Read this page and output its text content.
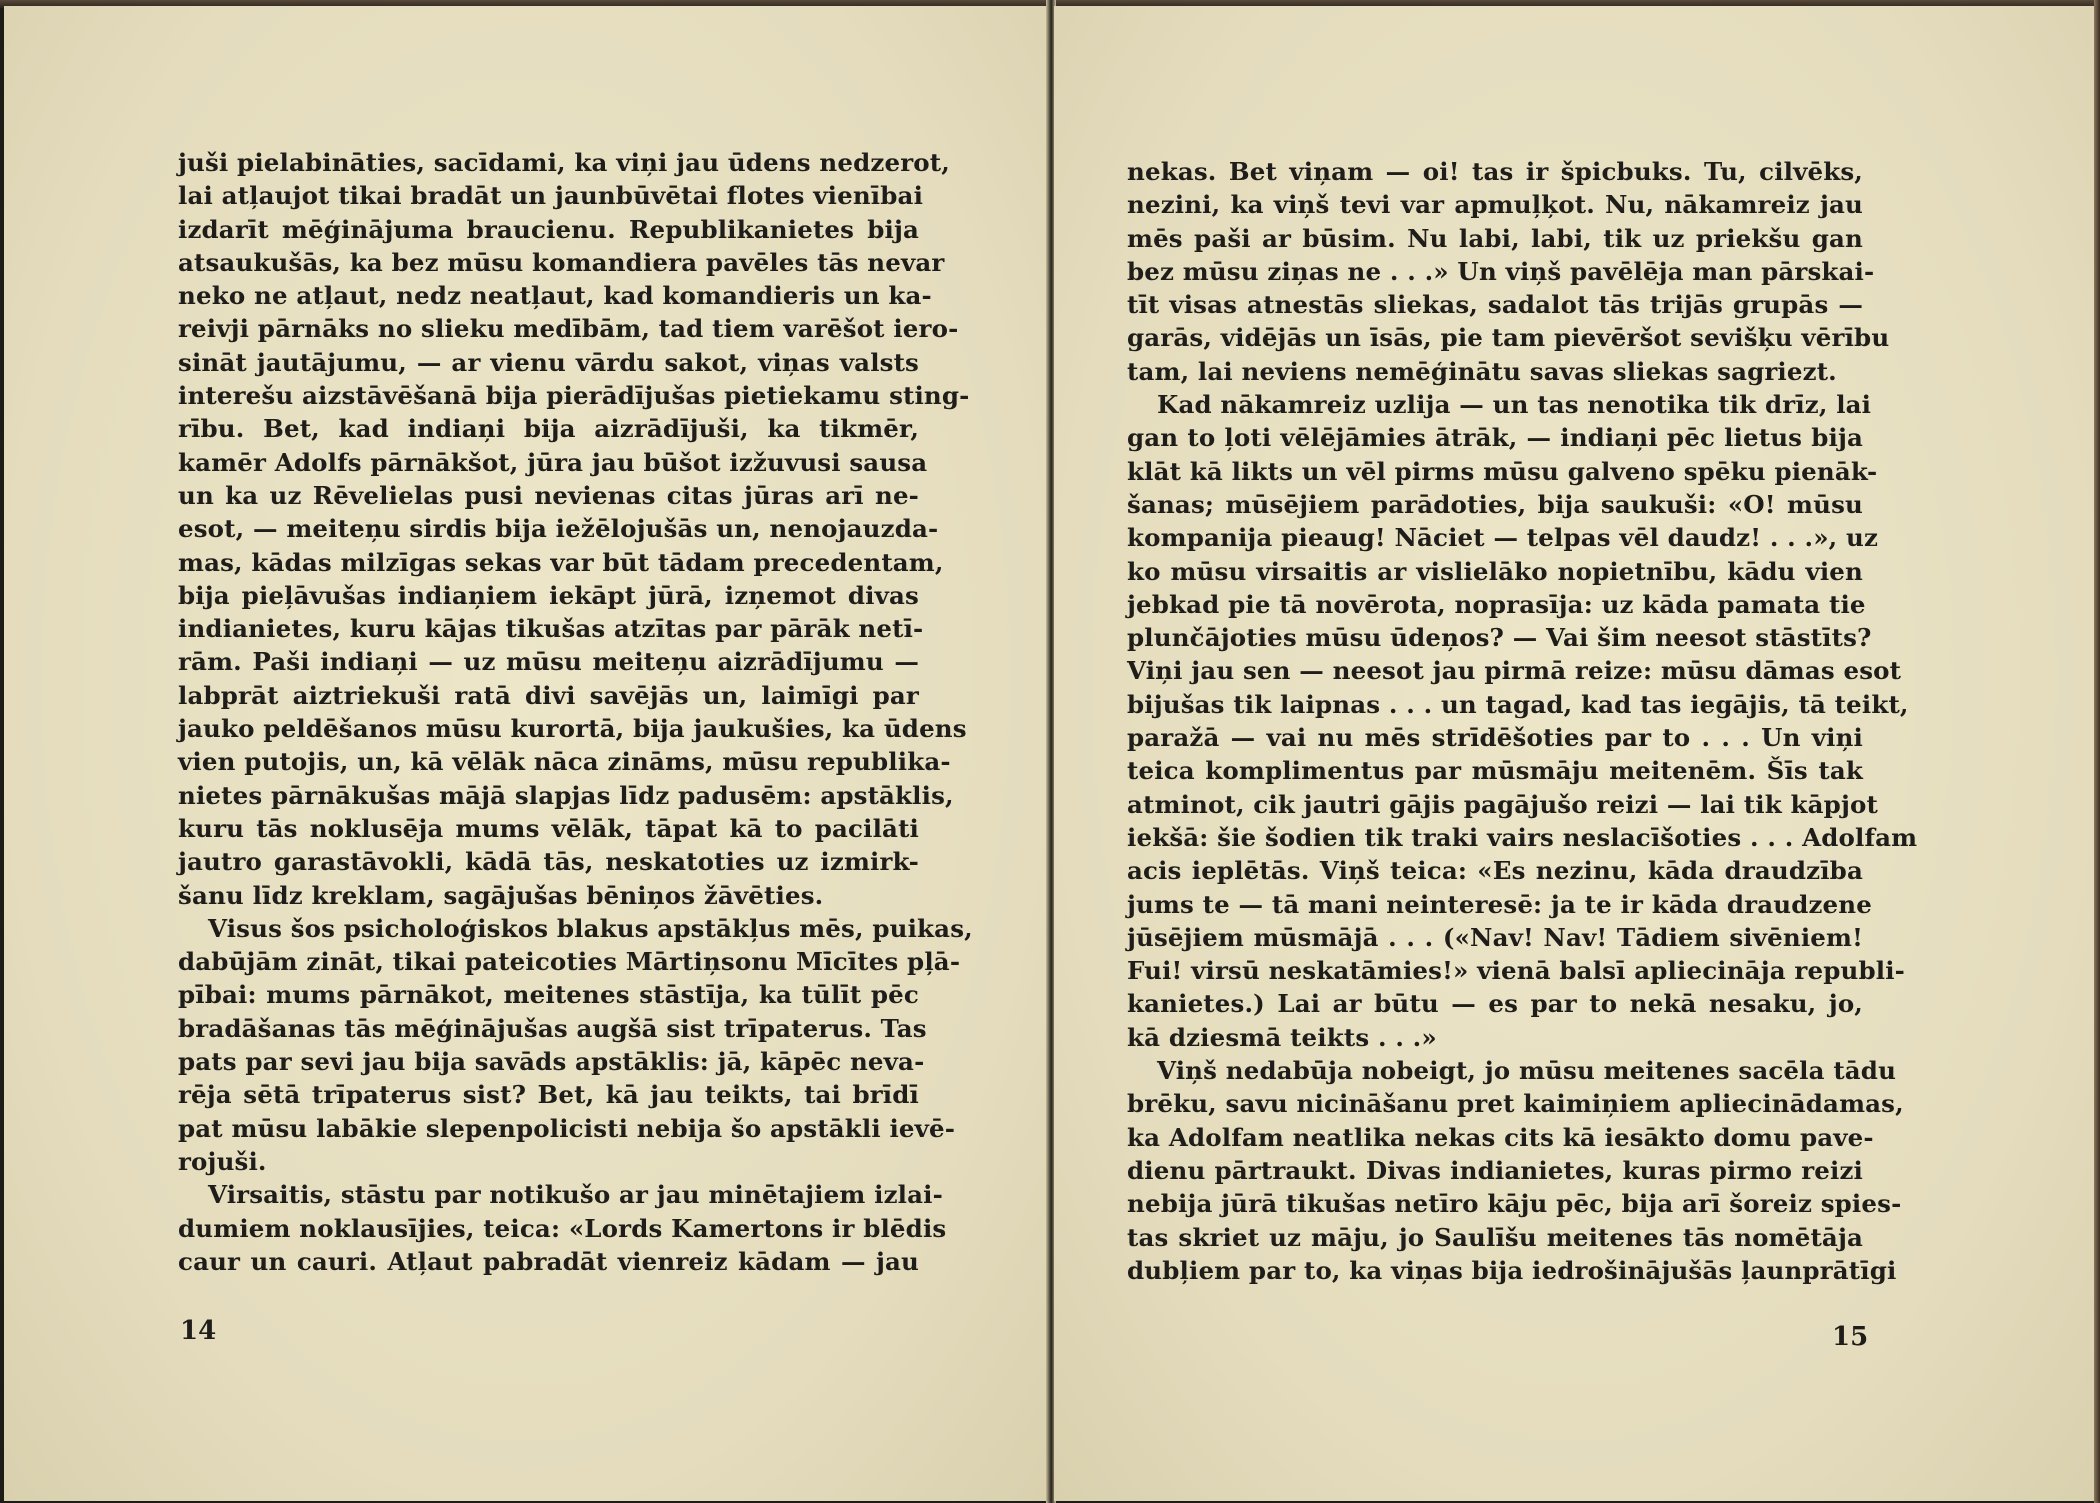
juši pielabināties, sacīdami, ka viņi jau ūdens nedzerot,
lai atļaujot tikai bradāt un jaunbūvētai flotes vienībai
izdarīt mēģinājuma braucienu. Republikanietes bija
atsaukušās, ka bez mūsu komandiera pavēles tās nevar
neko ne atļaut, nedz neatļaut, kad komandieris un ka-
reivji pārnāks no slieku medībām, tad tiem varēšot iero-
sināt jautājumu, — ar vienu vārdu sakot, viņas valsts
interešu aizstāvēšanā bija pierādījušas pietiekamu sting-
rību. Bet, kad indiaņi bija aizrādījuši, ka tikmēr,
kamēr Adolfs pārnākšot, jūra jau būšot izžuvusi sausa
un ka uz Rēvelielas pusi nevienas citas jūras arī ne-
esot, — meiteņu sirdis bija iežēlojušās un, nenojauzda-
mas, kādas milzīgas sekas var būt tādam precedentam,
bija pieļāvušas indiaņiem iekāpt jūrā, izņemot divas
indianietes, kuru kājas tikušas atzītas par pārāk netī-
rām. Paši indiaņi — uz mūsu meiteņu aizrādījumu —
labprāt aiztriekuši ratā divi savējās un, laimīgi par
jauko peldēšanos mūsu kurortā, bija jaukušies, ka ūdens
vien putojis, un, kā vēlāk nāca zināms, mūsu republika-
nietes pārnākušas mājā slapjas līdz padusēm: apstāklis,
kuru tās noklusēja mums vēlāk, tāpat kā to pacilāti
jautro garastāvokli, kādā tās, neskatoties uz izmirk-
šanu līdz kreklam, sagājušas bēniņos žāvēties.
Visus šos psicholoģiskos blakus apstākļus mēs, puikas,
dabūjām zināt, tikai pateicoties Mārtiņsonu Mīcītes pļā-
pībai: mums pārnākot, meitenes stāstīja, ka tūlīt pēc
bradāšanas tās mēģinājušas augšā sist trīpaterus. Tas
pats par sevi jau bija savāds apstāklis: jā, kāpēc neva-
rēja sētā trīpaterus sist? Bet, kā jau teikts, tai brīdī
pat mūsu labākie slepenpolicisti nebija šo apstākli ievē-
rojuši.
Virsaitis, stāstu par notikušo ar jau minētajiem izlai-
dumiem noklausījies, teica: «Lords Kamertons ir blēdis
caur un cauri. Atļaut pabradāt vienreiz kādam — jau
14
nekas. Bet viņam — oi! tas ir špicbuks. Tu, cilvēks,
nezini, ka viņš tevi var apmuļķot. Nu, nākamreiz jau
mēs paši ar būsim. Nu labi, labi, tik uz priekšu gan
bez mūsu ziņas ne . . .» Un viņš pavēlēja man pārskai-
tīt visas atnestās sliekas, sadalot tās trijās grupās —
garās, vidējās un īsās, pie tam pievēršot sevišķu vērību
tam, lai neviens nemēģinātu savas sliekas sagriezt.
Kad nākamreiz uzlija — un tas nenotika tik drīz, lai
gan to ļoti vēlējāmies ātrāk, — indiaņi pēc lietus bija
klāt kā likts un vēl pirms mūsu galveno spēku pienāk-
šanas; mūsējiem parādoties, bija saukuši: «O! mūsu
kompanija pieaug! Nāciet — telpas vēl daudz! . . .», uz
ko mūsu virsaitis ar vislielāko nopietnību, kādu vien
jebkad pie tā novērota, noprasīja: uz kāda pamata tie
plunčājoties mūsu ūdeņos? — Vai šim neesot stāstīts?
Viņi jau sen — neesot jau pirmā reize: mūsu dāmas esot
bijušas tik laipnas . . . un tagad, kad tas iegājis, tā teikt,
paražā — vai nu mēs strīdēšoties par to . . . Un viņi
teica komplimentus par mūsmāju meitenēm. Šīs tak
atminot, cik jautri gājis pagājušo reizi — lai tik kāpjot
iekšā: šie šodien tik traki vairs neslacīšoties . . . Adolfam
acis ieplētās. Viņš teica: «Es nezinu, kāda draudzība
jums te — tā mani neinteresē: ja te ir kāda draudzene
jūsējiem mūsmājā . . . («Nav! Nav! Tādiem sivēniem!
Fui! virsū neskatāmies!» vienā balsī apliecināja republi-
kanietes.) Lai ar būtu — es par to nekā nesaku, jo,
kā dziesmā teikts . . .»
Viņš nedabūja nobeigt, jo mūsu meitenes sacēla tādu
brēku, savu nicināšanu pret kaimiņiem apliecinādamas,
ka Adolfam neatlika nekas cits kā iesākto domu pave-
dienu pārtraukt. Divas indianietes, kuras pirmo reizi
nebija jūrā tikušas netīro kāju pēc, bija arī šoreiz spies-
tas skriet uz māju, jo Saulīšu meitenes tās nomētāja
dubļiem par to, ka viņas bija iedrošinājušās ļaunprātīgi
15
